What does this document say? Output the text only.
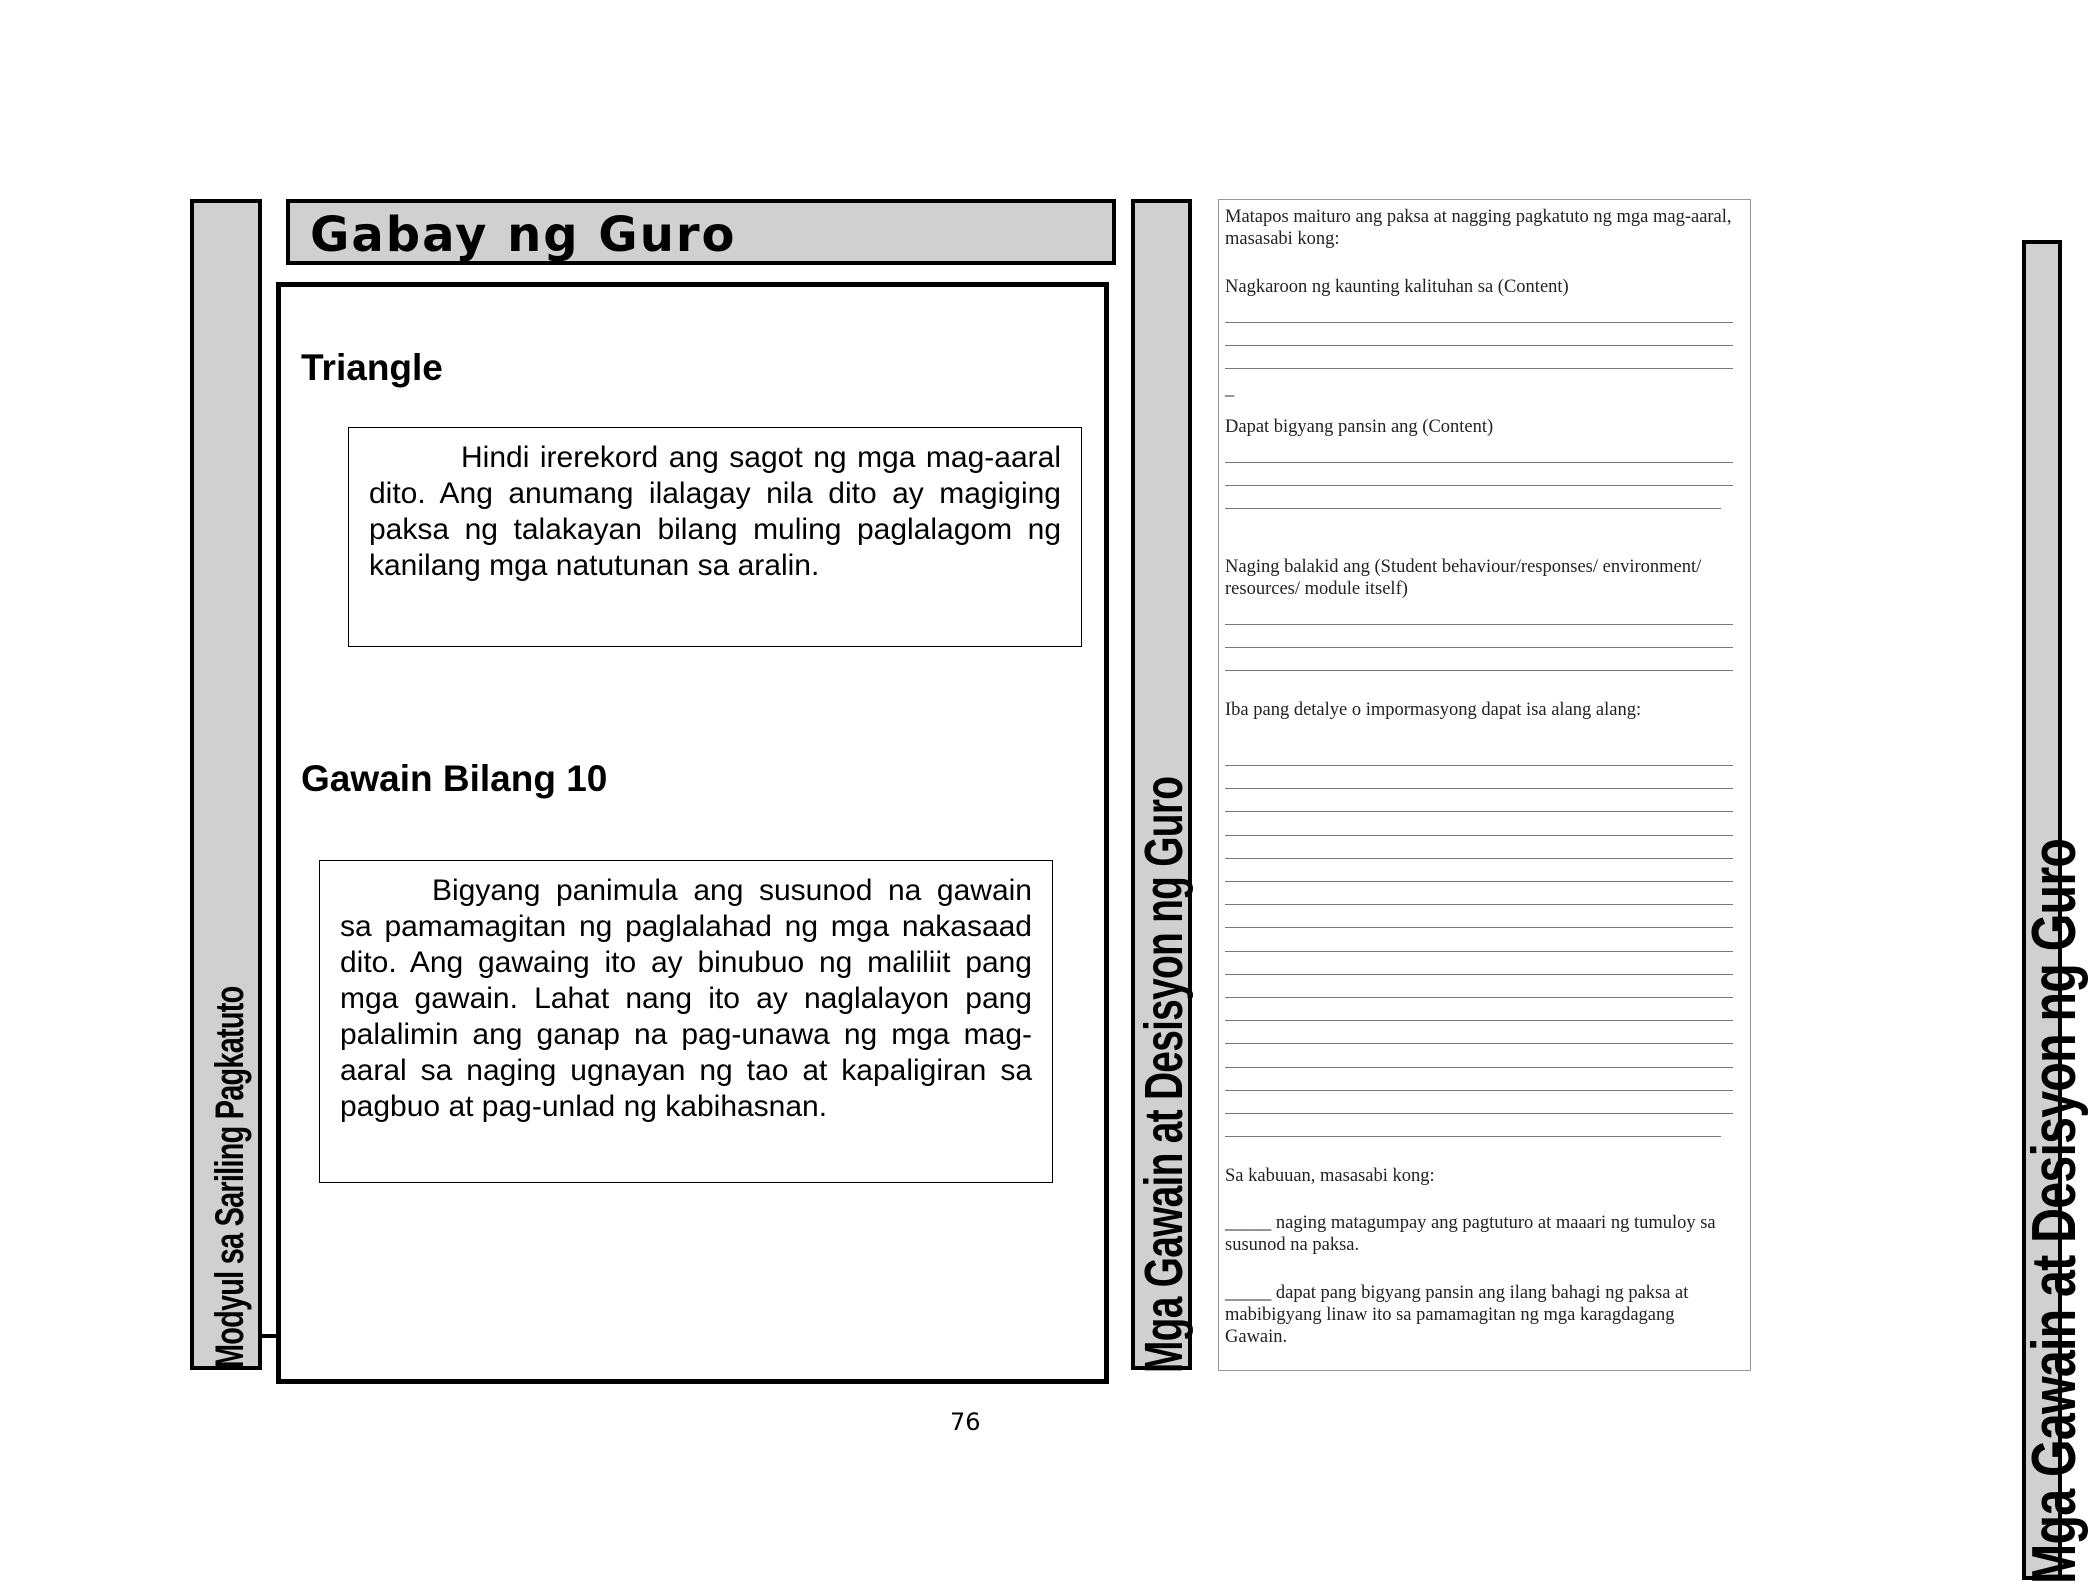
Modyul sa Sariling Pagkatuto
Gabay ng Guro
Triangle

Hindi irerekord ang sagot ng mga mag-aaral dito. Ang anumang ilalagay nila dito ay magiging paksa ng talakayan bilang muling paglalagom ng kanilang mga natutunan sa aralin.

Gawain Bilang 10

Bigyang panimula ang susunod na gawain sa pamamagitan ng paglalahad ng mga nakasaad dito. Ang gawaing ito ay binubuo ng maliliit pang mga gawain. Lahat nang ito ay naglalayon pang palalimin ang ganap na pag-unawa ng mga mag-aaral sa naging ugnayan ng tao at kapaligiran sa pagbuo at pag-unlad ng kabihasnan.

76
Mga Gawain at Desisyon ng Guro
Matapos maituro ang paksa at nagging pagkatuto ng mga mag-aaral, masasabi kong:
Nagkaroon ng kaunting kalituhan sa (Content)
_
Dapat bigyang pansin ang (Content)
Naging balakid ang (Student behaviour/responses/ environment/ resources/ module itself)
Iba pang detalye o impormasyong dapat isa alang alang:
Sa kabuuan, masasabi kong:
_____ naging matagumpay ang pagtuturo at maaari ng tumuloy sa susunod na paksa.
_____ dapat pang bigyang pansin ang ilang bahagi ng paksa at mabibigyang linaw ito sa pamamagitan ng mga karagdagang Gawain.	Mga Gawain at Desisyon ng Guro
